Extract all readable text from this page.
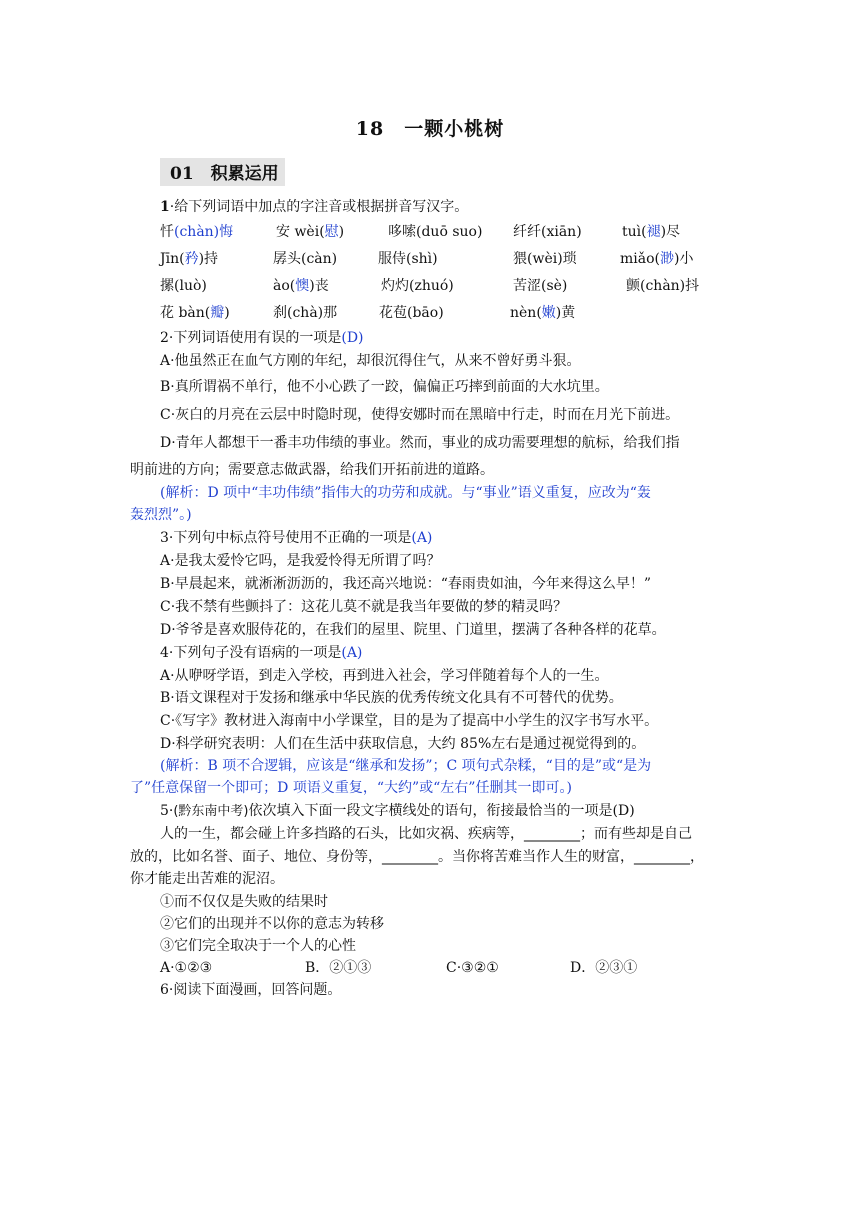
18　一颗小桃树
01　积累运用
1·给下列词语中加点的字注音或根据拼音写汉字。
忏(chàn)悔	安 wèi(慰)	哆嗦(duō suo) 纤纤(xiān)	tuì(褪)尽
Jīn(矜)持	孱头(càn)	服侍(shì)	猥(wèi)琐	miǎo(渺)小
摞(luò)	ào(懊)丧	灼灼(zhuó)	苦涩(sè)	颤(chàn)抖
花 bàn(瓣)	刹(chà)那	花苞(bāo)	nèn(嫩)黄
2·下列词语使用有误的一项是(D)
A·他虽然正在血气方刚的年纪，却很沉得住气，从来不曾好勇斗狠。
B·真所谓祸不单行，他不小心跌了一跤，偏偏正巧摔到前面的大水坑里。
C·灰白的月亮在云层中时隐时现，使得安娜时而在黑暗中行走，时而在月光下前进。
D·青年人都想干一番丰功伟绩的事业。然而，事业的成功需要理想的航标，给我们指
明前进的方向；需要意志做武器，给我们开拓前进的道路。
(解析：D 项中“丰功伟绩”指伟大的功劳和成就。与“事业”语义重复，应改为“轰
轰烈烈”。)
3·下列句中标点符号使用不正确的一项是(A)
A·是我太爱怜它吗，是我爱怜得无所谓了吗？
B·早晨起来，就淅淅沥沥的，我还高兴地说：“春雨贵如油，今年来得这么早！”
C·我不禁有些颤抖了：这花儿莫不就是我当年要做的梦的精灵吗？
D·爷爷是喜欢服侍花的，在我们的屋里、院里、门道里，摆满了各种各样的花草。
4·下列句子没有语病的一项是(A)
A·从咿呀学语，到走入学校，再到进入社会，学习伴随着每个人的一生。
B·语文课程对于发扬和继承中华民族的优秀传统文化具有不可替代的优势。
C·《写字》教材进入海南中小学课堂，目的是为了提高中小学生的汉字书写水平。
D·科学研究表明：人们在生活中获取信息，大约 85%左右是通过视觉得到的。
(解析：B 项不合逻辑，应该是“继承和发扬”；C 项句式杂糅，“目的是”或“是为
了”任意保留一个即可；D 项语义重复，“大约”或“左右”任删其一即可。)
5·(黔东南中考)依次填入下面一段文字横线处的语句，衔接最恰当的一项是(D)
人的一生，都会碰上许多挡路的石头，比如灾祸、疾病等，________；而有些却是自己
放的，比如名誉、面子、地位、身份等，________。当你将苦难当作人生的财富，________，
你才能走出苦难的泥沼。
①而不仅仅是失败的结果时
②它们的出现并不以你的意志为转移
③它们完全取决于一个人的心性
A·①②③	B．②①③	C·③②①	D．②③①
6·阅读下面漫画，回答问题。
